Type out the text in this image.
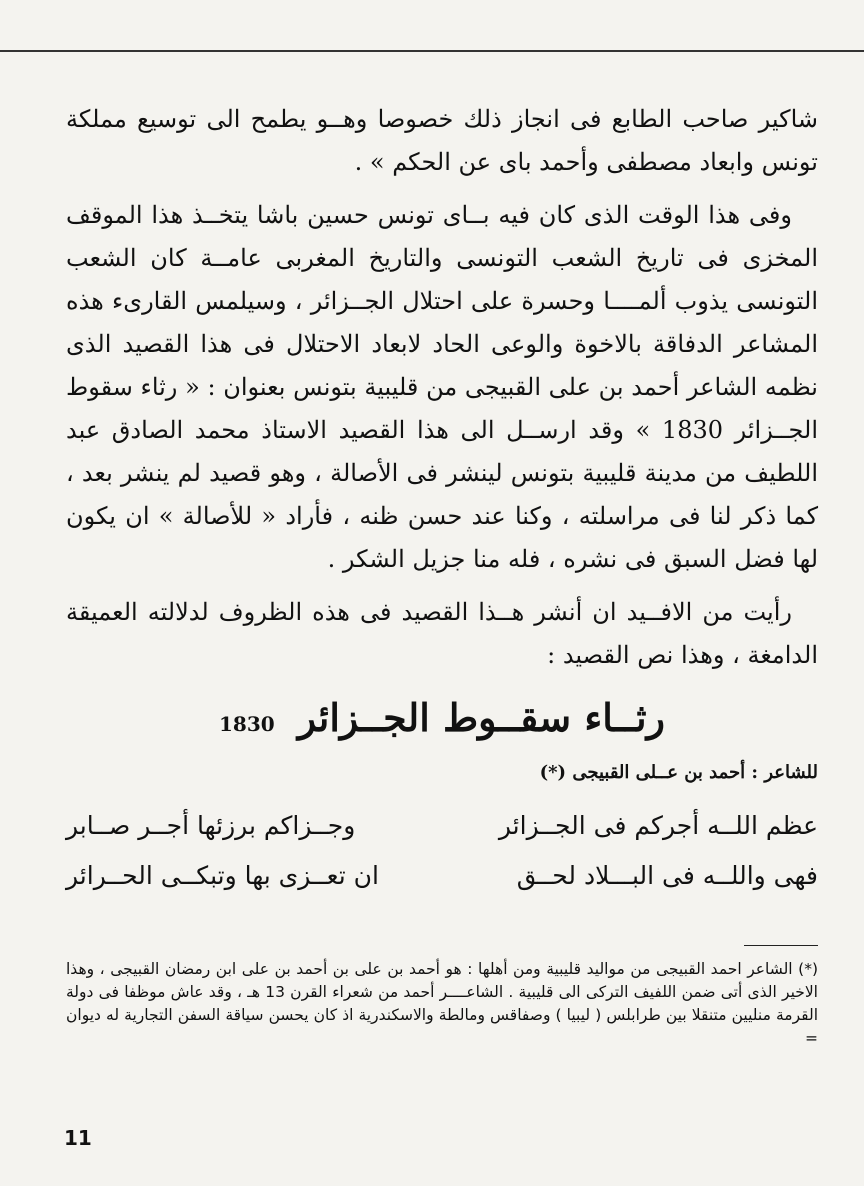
شاكير صاحب الطابع فى انجاز ذلك خصوصا وهــو يطمح الى توسيع مملكة تونس وابعاد مصطفى وأحمد باى عن الحكم » .

وفى هذا الوقت الذى كان فيه بــاى تونس حسين باشا يتخــذ هذا الموقف المخزى فى تاريخ الشعب التونسى والتاريخ المغربى عامــة كان الشعب التونسى يذوب ألمــــا وحسرة على احتلال الجــزائر ، وسيلمس القارىء هذه المشاعر الدفاقة بالاخوة والوعى الحاد لابعاد الاحتلال فى هذا القصيد الذى نظمه الشاعر أحمد بن على القبيجى من قليبية بتونس بعنوان : « رثاء سقوط الجــزائر 1830 » وقد ارســل الى هذا القصيد الاستاذ محمد الصادق عبد اللطيف من مدينة قليبية بتونس لينشر فى الأصالة ، وهو قصيد لم ينشر بعد ، كما ذكر لنا فى مراسلته ، وكنا عند حسن ظنه ، فأراد « للأصالة » ان يكون لها فضل السبق فى نشره ، فله منا جزيل الشكر .

رأيت من الافــيد ان أنشر هــذا القصيد فى هذه الظروف لدلالته العميقة الدامغة ، وهذا نص القصيد :

رثــاء سقــوط الجــزائر 1830
للشاعر : أحمد بن عــلى القبيجى (*)
عظم اللــه أجركم فى الجــزائر
وجــزاكم برزئها أجــر صــابر
فهى واللــه فى البـــلاد لحــق
ان تعــزى بها وتبكــى الحــرائر
(*) الشاعر احمد القبيجى من مواليد قليبية ومن أهلها : هو أحمد بن على بن أحمد بن على ابن رمضان القبيجى ، وهذا الاخير الذى أتى ضمن اللفيف التركى الى قليبية . الشاعــــر أحمد من شعراء القرن 13 هـ ، وقد عاش موظفا فى دولة القرمة منليين متنقلا بين طرابلس ( ليبيا ) وصفاقس ومالطة والاسكندرية اذ كان يحسن سياقة السفن التجارية له ديوان =
11
